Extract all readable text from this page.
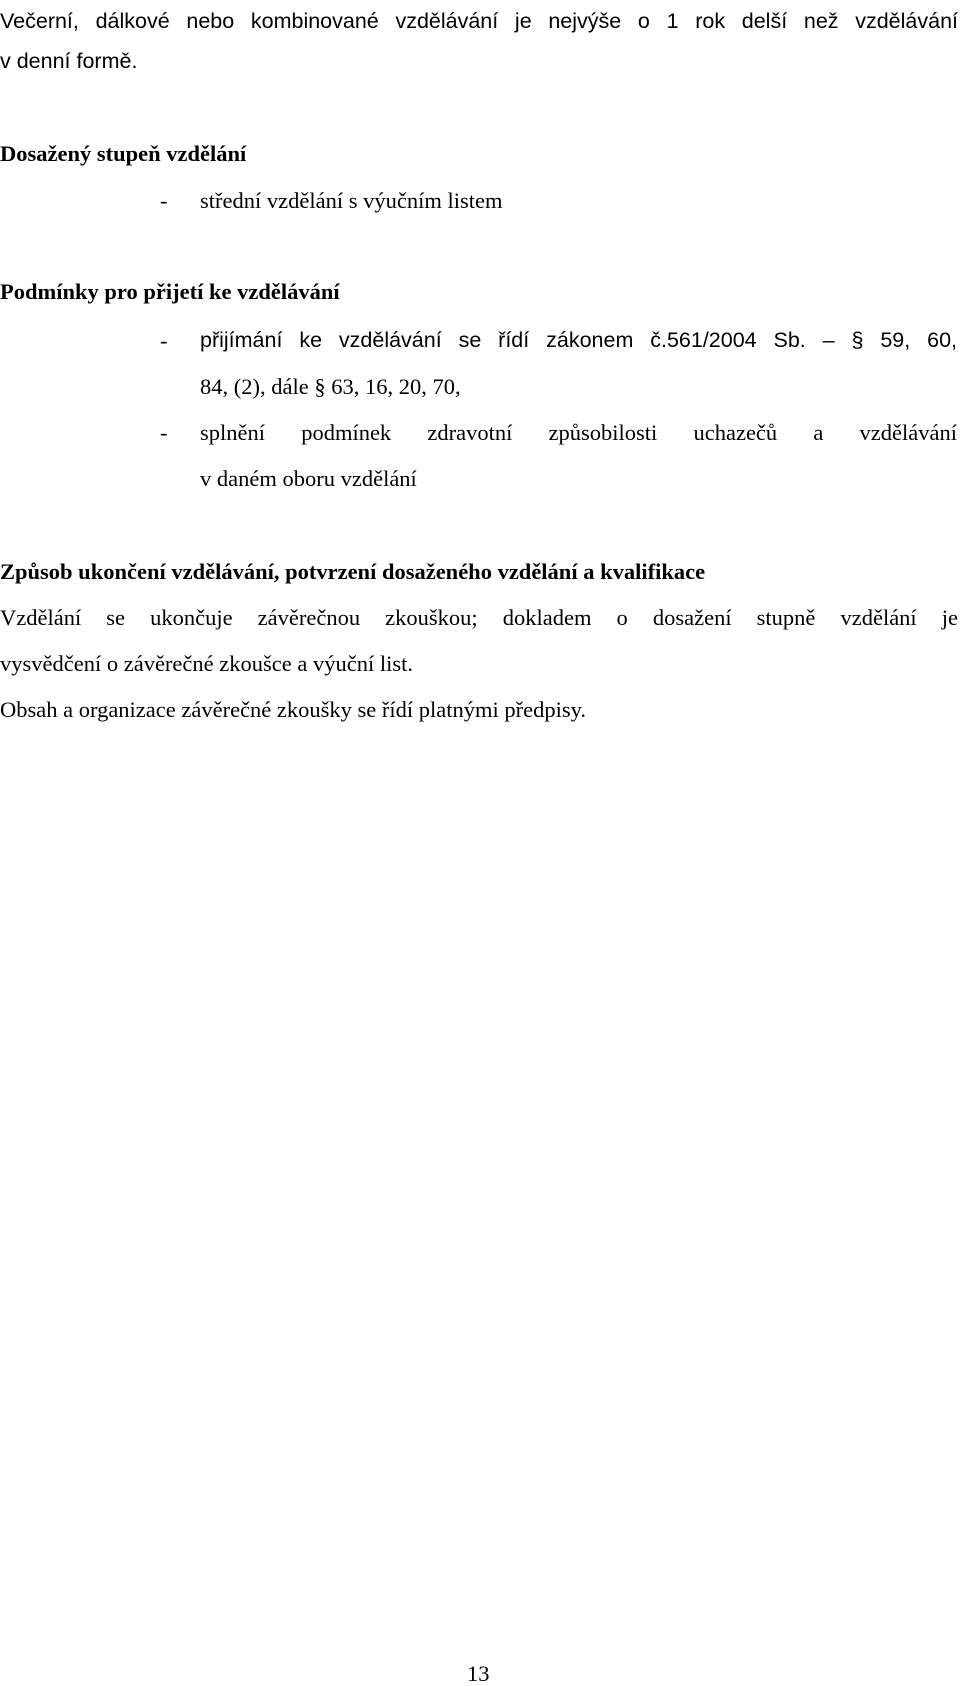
Večerní, dálkové nebo kombinované vzdělávání je nejvýše o 1 rok delší než vzdělávání
v denní formě.
Dosažený stupeň vzdělání
- střední vzdělání s výučním listem
Podmínky pro přijetí ke vzdělávání
- přijímání ke vzdělávání se řídí zákonem č.561/2004 Sb. – § 59, 60,
84, (2), dále § 63, 16, 20, 70,
- splnění podmínek zdravotní způsobilosti uchazečů a vzdělávání
v daném oboru vzdělání
Způsob ukončení vzdělávání, potvrzení dosaženého vzdělání a kvalifikace
Vzdělání se ukončuje závěrečnou zkouškou; dokladem o dosažení stupně vzdělání je
vysvědčení o závěrečné zkoušce a výuční list.
Obsah a organizace závěrečné zkoušky se řídí platnými předpisy.
13
